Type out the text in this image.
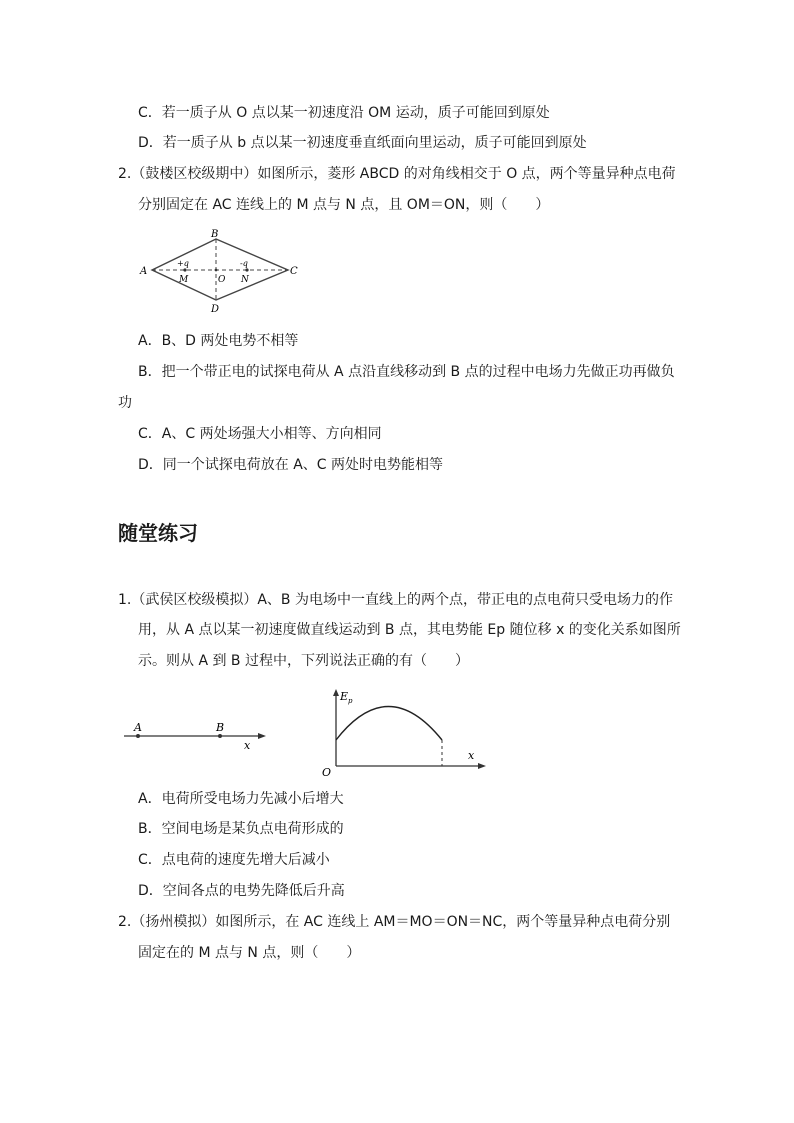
C．若一质子从 O 点以某一初速度沿 OM 运动，质子可能回到原处
D．若一质子从 b 点以某一初速度垂直纸面向里运动，质子可能回到原处
2.（鼓楼区校级期中）如图所示，菱形 ABCD 的对角线相交于 O 点，两个等量异种点电荷
分别固定在 AC 连线上的 M 点与 N 点，且 OM＝ON，则（　　）
B
A	C
D
+q	-q
M	O N
A．B、D 两处电势不相等
B．把一个带正电的试探电荷从 A 点沿直线移动到 B 点的过程中电场力先做正功再做负
功
C．A、C 两处场强大小相等、方向相同
D．同一个试探电荷放在 A、C 两处时电势能相等
随堂练习
1.（武侯区校级模拟）A、B 为电场中一直线上的两个点，带正电的点电荷只受电场力的作
用，从 A 点以某一初速度做直线运动到 B 点，其电势能 Ep 随位移 x 的变化关系如图所
示。则从 A 到 B 过程中，下列说法正确的有（　　）
A	B
x
E p
O
x
A．电荷所受电场力先减小后增大
B．空间电场是某负点电荷形成的
C．点电荷的速度先增大后减小
D．空间各点的电势先降低后升高
2.（扬州模拟）如图所示，在 AC 连线上 AM＝MO＝ON＝NC，两个等量异种点电荷分别
固定在的 M 点与 N 点，则（　　）
